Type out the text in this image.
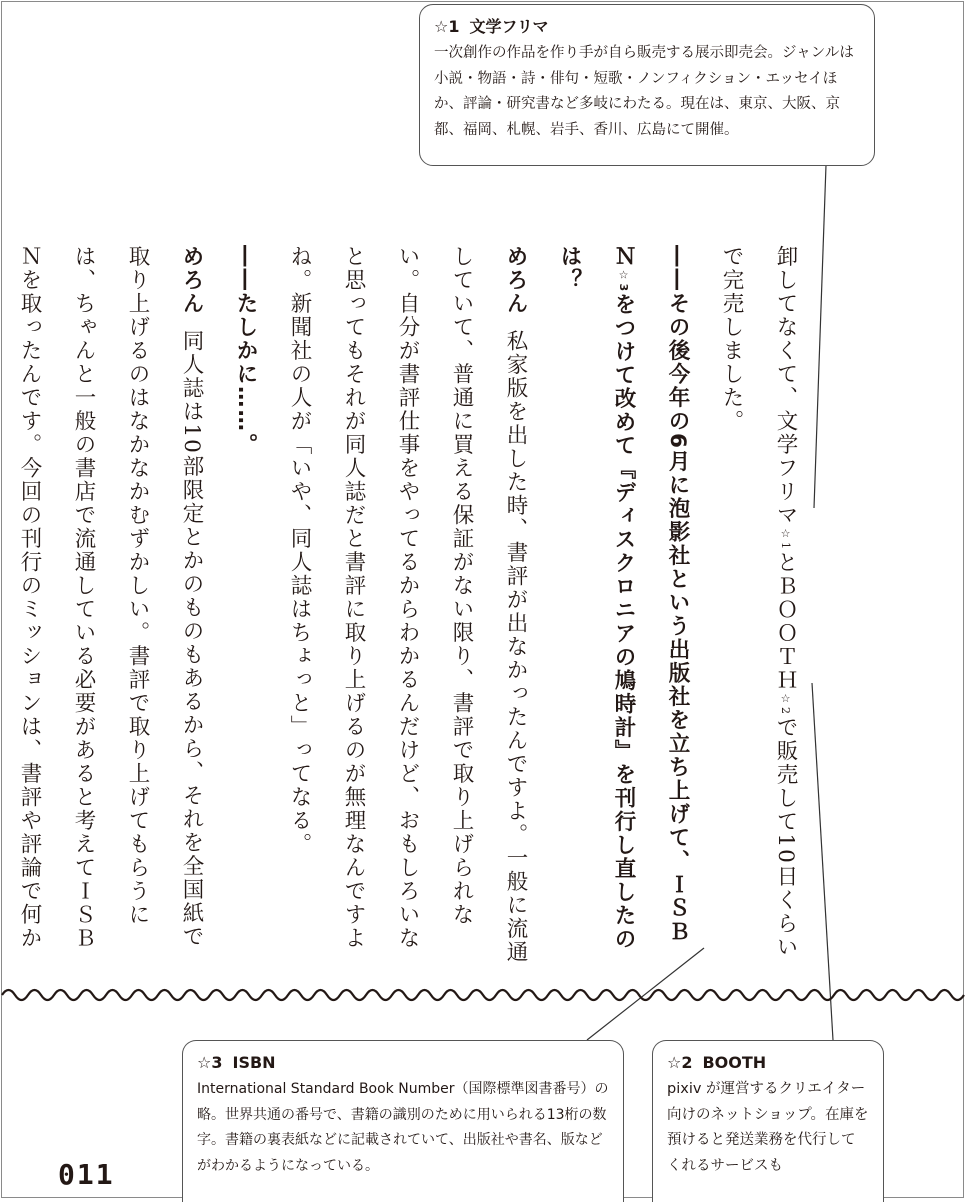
☆1 文学フリマ
一次創作の作品を作り手が自ら販売する展示即売会。ジャンルは小説・物語・詩・俳句・短歌・ノンフィクション・エッセイほか、評論・研究書など多岐にわたる。現在は、東京、大阪、京都、福岡、札幌、岩手、香川、広島にて開催。

卸してなくて、文学フリマ☆1とＢＯＯＴＨ☆2で販売して10日くらいで完売しました。

――その後今年の6月に泡影社という出版社を立ち上げて、ＩＳＢＮ☆3をつけて改めて『ディスクロニアの鳩時計』を刊行し直したのは？

めろん私家版を出した時、書評が出なかったんですよ。一般に流通していて、普通に買える保証がない限り、書評で取り上げられない。自分が書評仕事をやってるからわかるんだけど、おもしろいなと思ってもそれが同人誌だと書評に取り上げるのが無理なんですよね。新聞社の人が「いや、同人誌はちょっと」ってなる。

――たしかに……。

めろん同人誌は10部限定とかのものもあるから、それを全国紙で取り上げるのはなかなかむずかしい。書評で取り上げてもらうには、ちゃんと一般の書店で流通している必要があると考えてＩＳＢＮを取ったんです。今回の刊行のミッションは、書評や評論で何か

☆3 ISBN
International Standard Book Number（国際標準図書番号）の略。世界共通の番号で、書籍の識別のために用いられる13桁の数字。書籍の裏表紙などに記載されていて、出版社や書名、版などがわかるようになっている。
☆2 BOOTH
pixiv が運営するクリエイター向けのネットショップ。在庫を預けると発送業務を代行してくれるサービスも
011
